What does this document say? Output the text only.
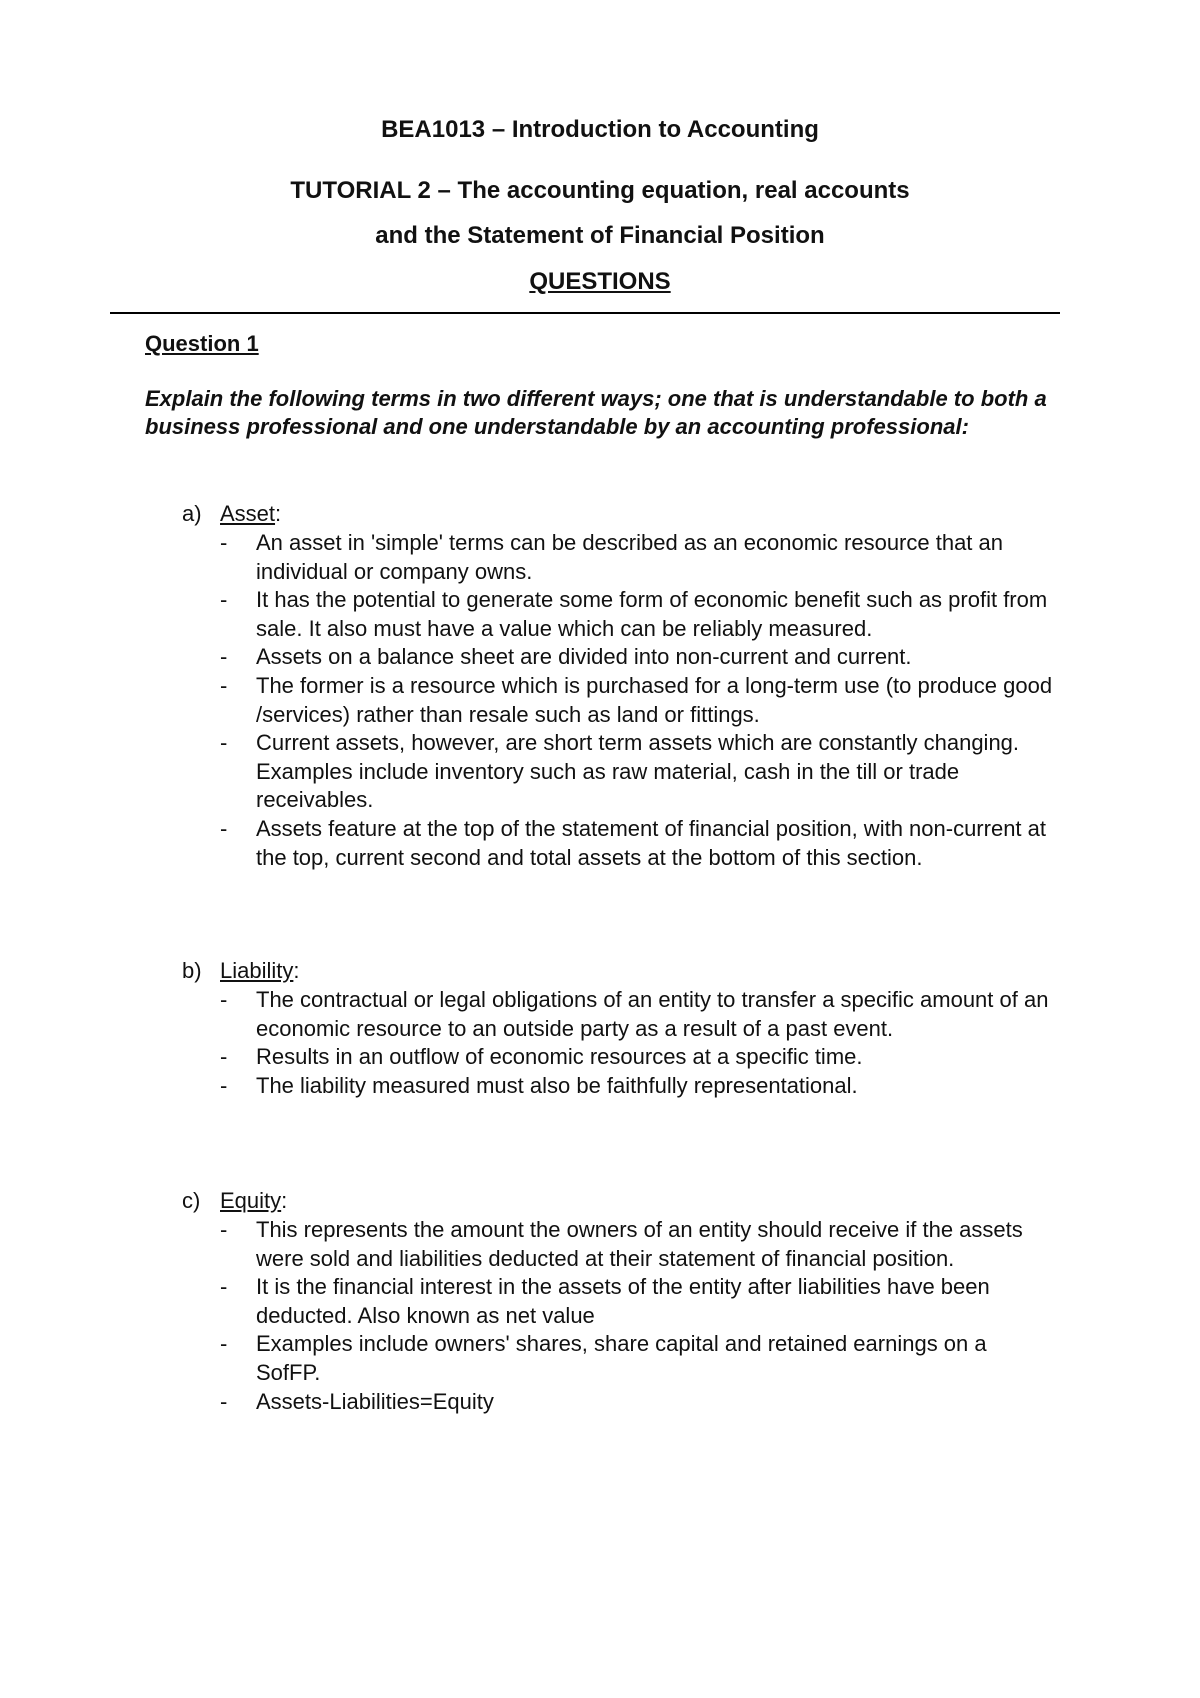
BEA1013 – Introduction to Accounting
TUTORIAL 2 – The accounting equation, real accounts
and the Statement of Financial Position
QUESTIONS
Question 1

Explain the following terms in two different ways; one that is understandable to both a business professional and one understandable by an accounting professional:

a) Asset:
- An asset in 'simple' terms can be described as an economic resource that an individual or company owns.
- It has the potential to generate some form of economic benefit such as profit from sale. It also must have a value which can be reliably measured.
- Assets on a balance sheet are divided into non-current and current.
- The former is a resource which is purchased for a long-term use (to produce good /services) rather than resale such as land or fittings.
- Current assets, however, are short term assets which are constantly changing. Examples include inventory such as raw material, cash in the till or trade receivables.
- Assets feature at the top of the statement of financial position, with non-current at the top, current second and total assets at the bottom of this section.
b) Liability:
- The contractual or legal obligations of an entity to transfer a specific amount of an economic resource to an outside party as a result of a past event.
- Results in an outflow of economic resources at a specific time.
- The liability measured must also be faithfully representational.
c) Equity:
- This represents the amount the owners of an entity should receive if the assets were sold and liabilities deducted at their statement of financial position.
- It is the financial interest in the assets of the entity after liabilities have been deducted. Also known as net value
- Examples include owners' shares, share capital and retained earnings on a SofFP.
- Assets-Liabilities=Equity
